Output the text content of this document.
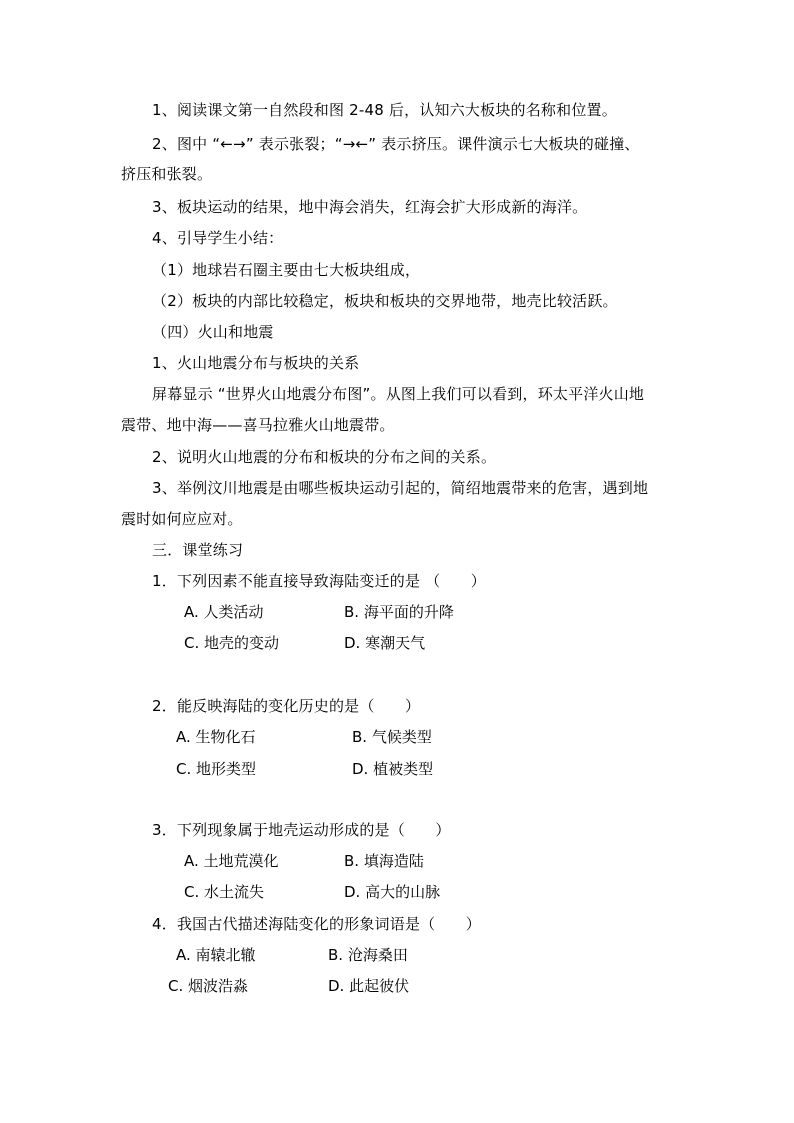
1、阅读课文第一自然段和图 2-48 后，认知六大板块的名称和位置。
2、图中 “←→” 表示张裂；“→←” 表示挤压。课件演示七大板块的碰撞、
挤压和张裂。
3、板块运动的结果，地中海会消失，红海会扩大形成新的海洋。
4、引导学生小结：
（1）地球岩石圈主要由七大板块组成，
（2）板块的内部比较稳定，板块和板块的交界地带，地壳比较活跃。
（四）火山和地震
1、火山地震分布与板块的关系
屏幕显示 “世界火山地震分布图”。从图上我们可以看到，环太平洋火山地
震带、地中海——喜马拉雅火山地震带。
2、说明火山地震的分布和板块的分布之间的关系。
3、举例汶川地震是由哪些板块运动引起的，简绍地震带来的危害，遇到地
震时如何应应对。
三．课堂练习
1．下列因素不能直接导致海陆变迁的是 （　　）
A. 人类活动	B. 海平面的升降
C. 地壳的变动	D. 寒潮天气
2．能反映海陆的变化历史的是（　　）
A. 生物化石	B. 气候类型
C. 地形类型	D. 植被类型
3．下列现象属于地壳运动形成的是（　　）
A. 土地荒漠化	B. 填海造陆
C. 水土流失	D. 高大的山脉
4．我国古代描述海陆变化的形象词语是（　　）
A. 南辕北辙	B. 沧海桑田
C. 烟波浩淼	D. 此起彼伏
